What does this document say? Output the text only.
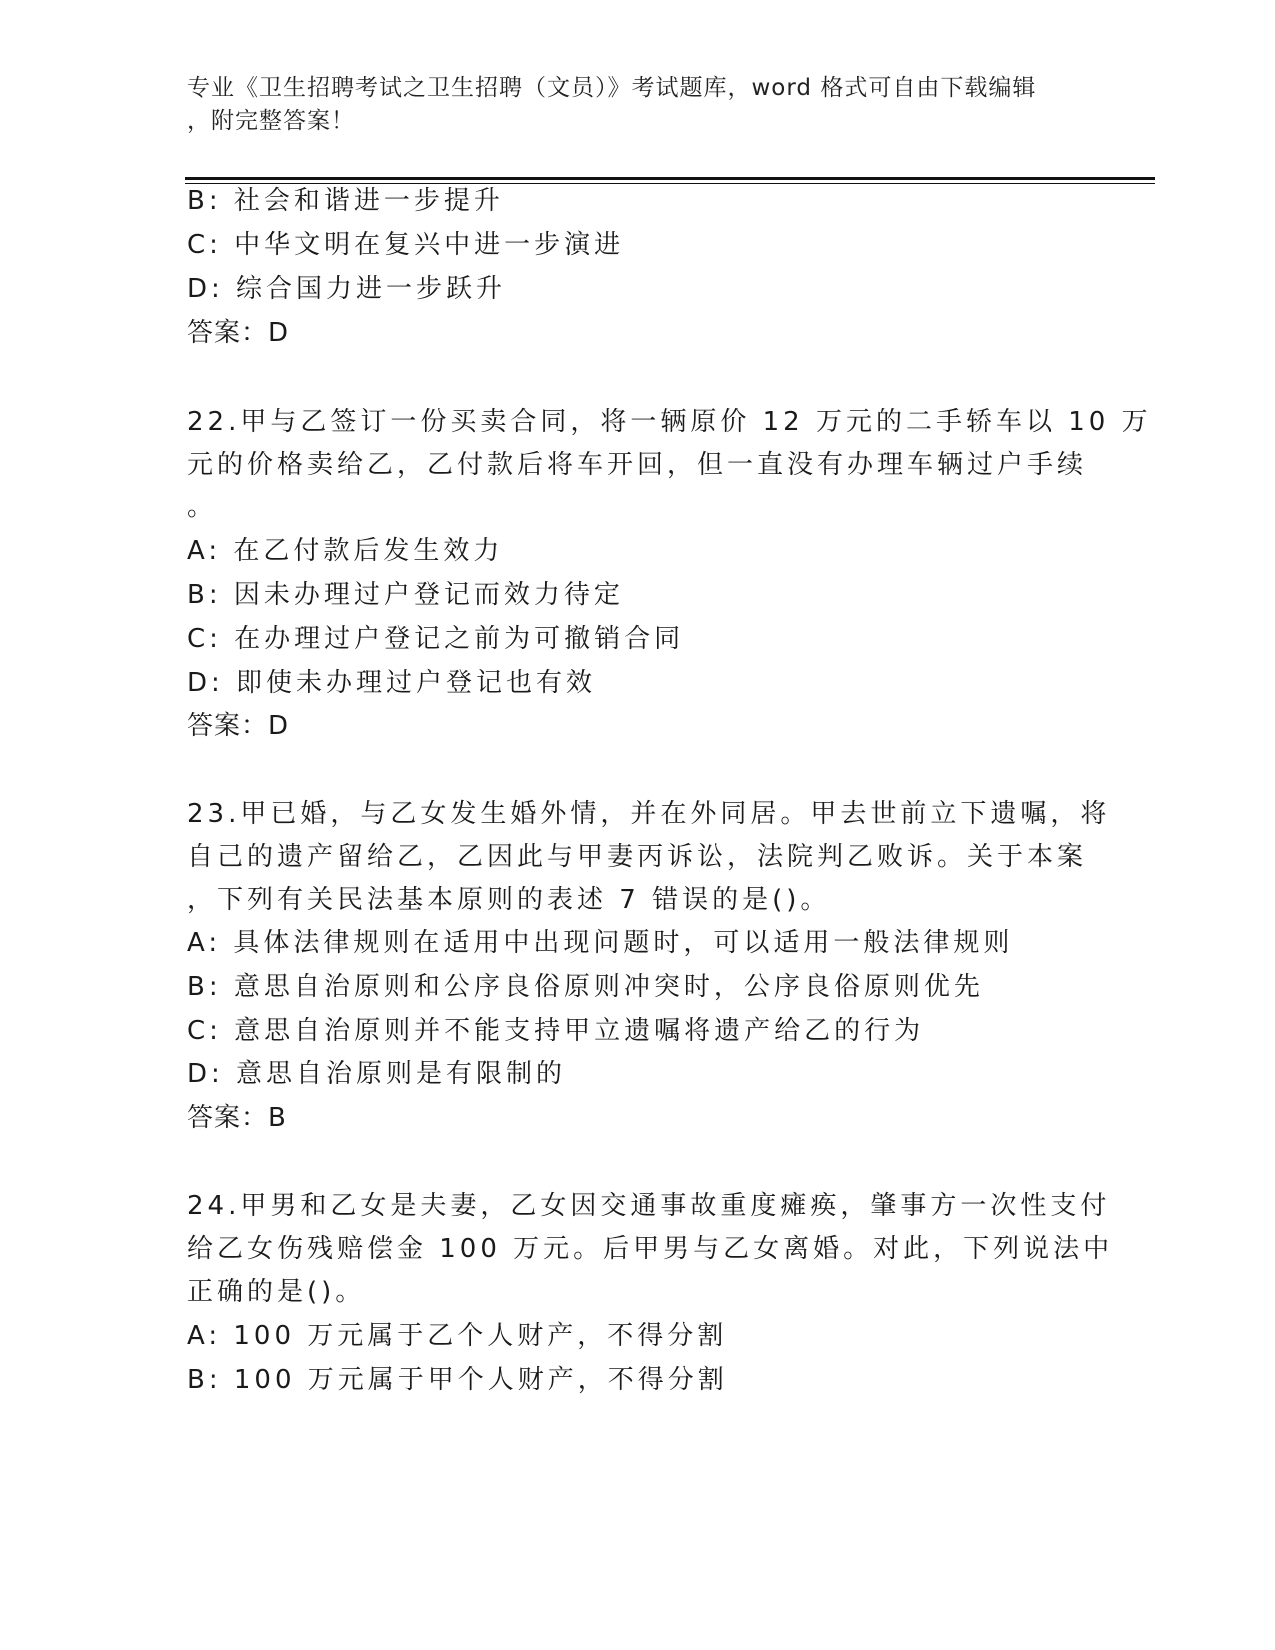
专业《卫生招聘考试之卫生招聘（文员）》考试题库，word 格式可自由下载编辑
，附完整答案！
B: 社会和谐进一步提升
C: 中华文明在复兴中进一步演进
D: 综合国力进一步跃升
答案：D
22.甲与乙签订一份买卖合同，将一辆原价 12 万元的二手轿车以 10 万
元的价格卖给乙，乙付款后将车开回，但一直没有办理车辆过户手续
。
A: 在乙付款后发生效力
B: 因未办理过户登记而效力待定
C: 在办理过户登记之前为可撤销合同
D: 即使未办理过户登记也有效
答案：D
23.甲已婚，与乙女发生婚外情，并在外同居。甲去世前立下遗嘱，将
自己的遗产留给乙，乙因此与甲妻丙诉讼，法院判乙败诉。关于本案
，下列有关民法基本原则的表述 7 错误的是()。
A: 具体法律规则在适用中出现问题时，可以适用一般法律规则
B: 意思自治原则和公序良俗原则冲突时，公序良俗原则优先
C: 意思自治原则并不能支持甲立遗嘱将遗产给乙的行为
D: 意思自治原则是有限制的
答案：B
24.甲男和乙女是夫妻，乙女因交通事故重度瘫痪，肇事方一次性支付
给乙女伤残赔偿金 100 万元。后甲男与乙女离婚。对此，下列说法中
正确的是()。
A: 100 万元属于乙个人财产，不得分割
B: 100 万元属于甲个人财产，不得分割
